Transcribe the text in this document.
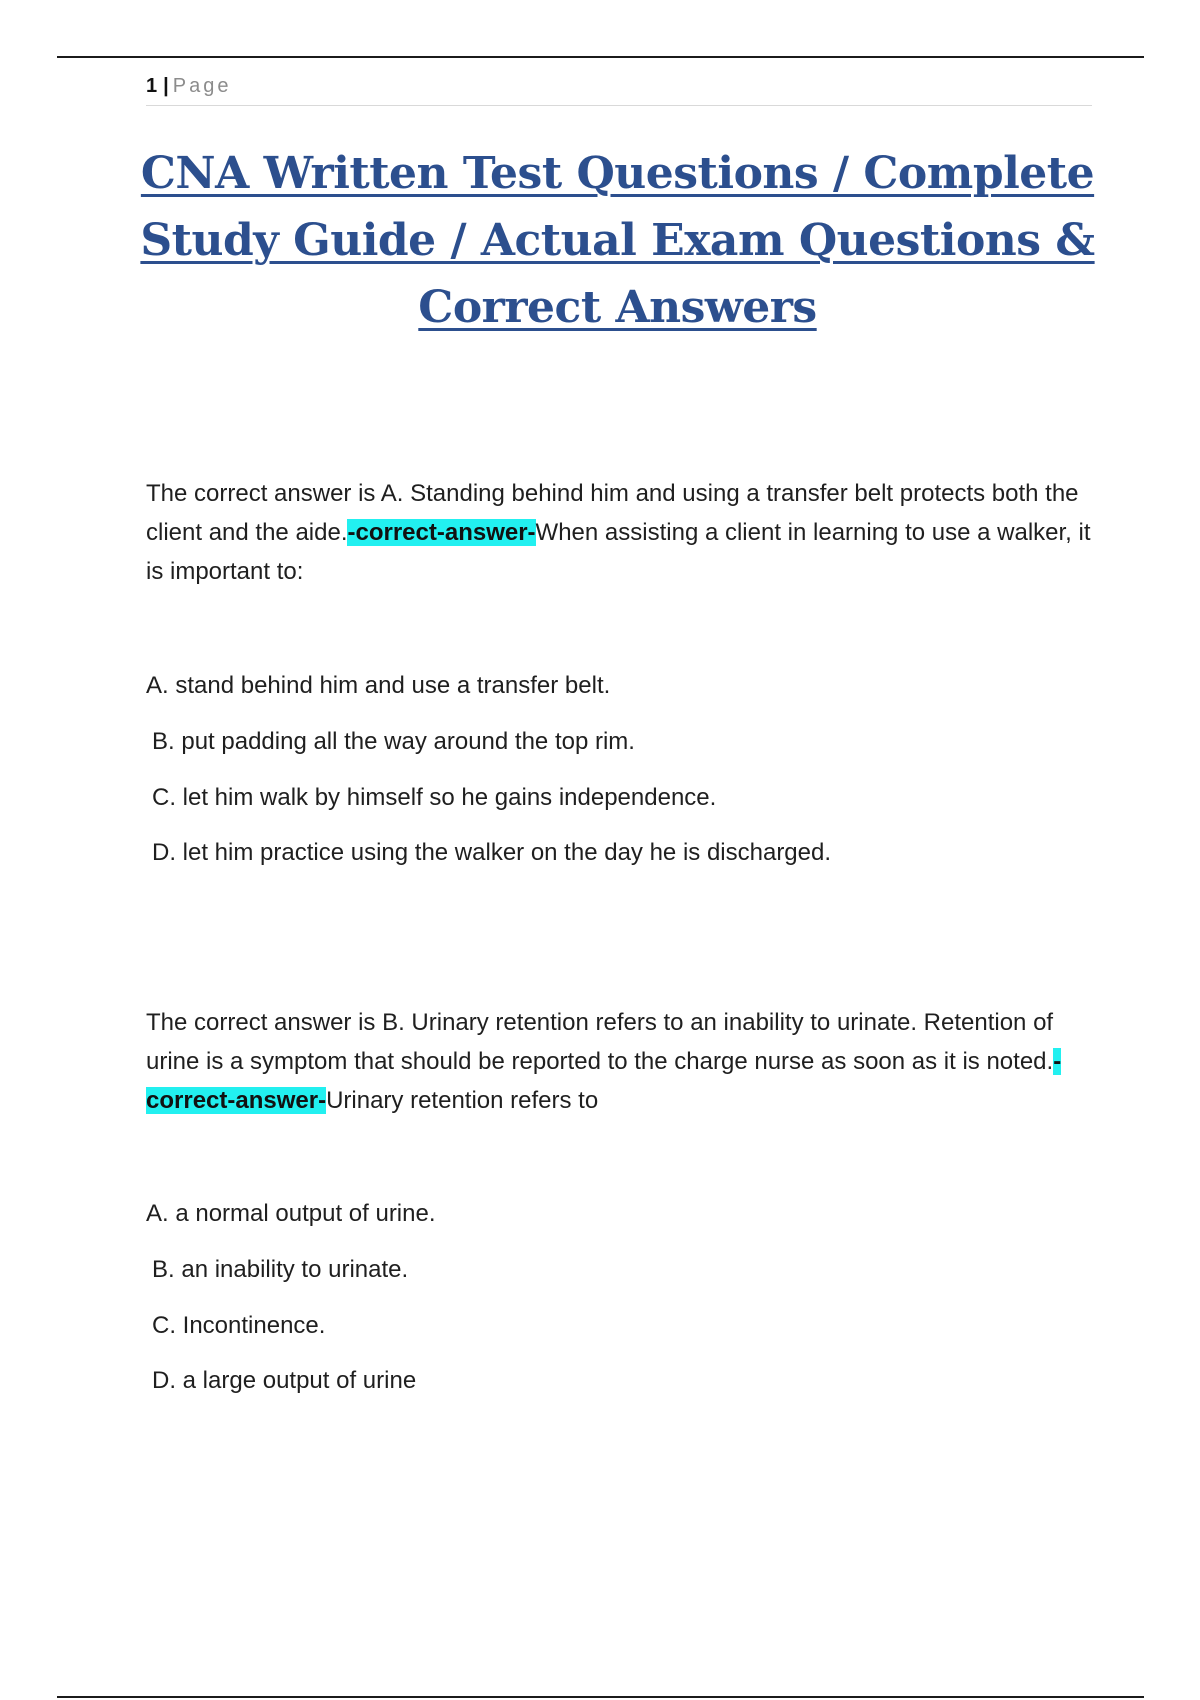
1 | Page
CNA Written Test Questions / Complete
Study Guide / Actual Exam Questions &
Correct Answers

The correct answer is A. Standing behind him and using a transfer belt protects both the client and the aide.-correct-answer-When assisting a client in learning to use a walker, it is important to:

A. stand behind him and use a transfer belt.
B. put padding all the way around the top rim.
C. let him walk by himself so he gains independence.
D. let him practice using the walker on the day he is discharged.

The correct answer is B. Urinary retention refers to an inability to urinate. Retention of urine is a symptom that should be reported to the charge nurse as soon as it is noted.-correct-answer-Urinary retention refers to

A. a normal output of urine.
B. an inability to urinate.
C. Incontinence.
D. a large output of urine
